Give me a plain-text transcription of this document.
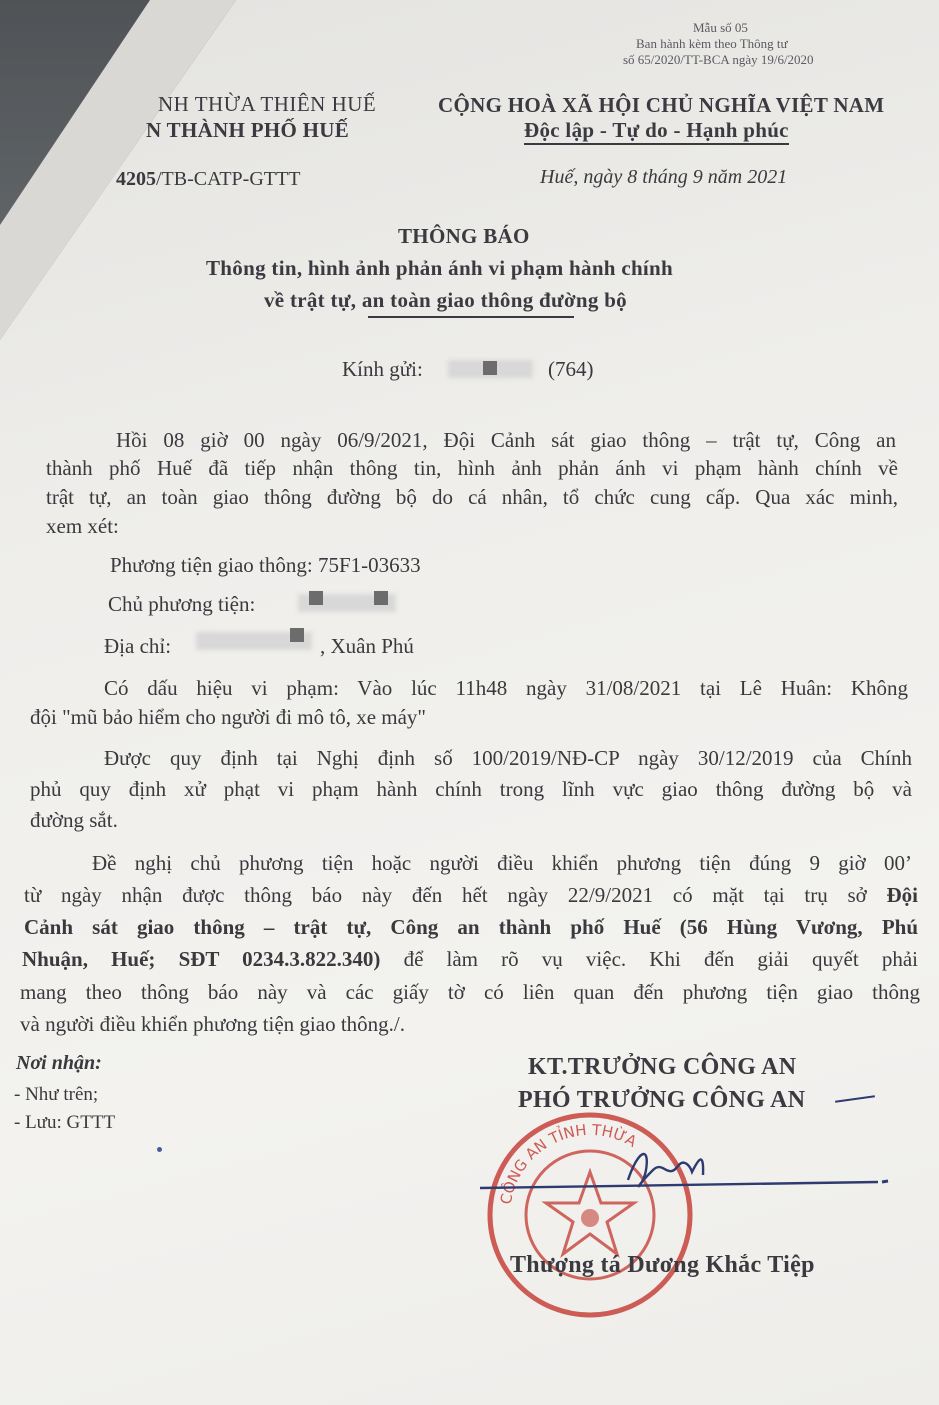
Mẫu số 05
Ban hành kèm theo Thông tư
số 65/2020/TT-BCA ngày 19/6/2020
NH THỪA THIÊN HUẾ
N THÀNH PHỐ HUẾ
4205/TB-CATP-GTTT
CỘNG HOÀ XÃ HỘI CHỦ NGHĨA VIỆT NAM
Độc lập - Tự do - Hạnh phúc
Huế, ngày 8 tháng 9 năm 2021
THÔNG BÁO
Thông tin, hình ảnh phản ánh vi phạm hành chính
về trật tự, an toàn giao thông đường bộ
Kính gửi:	(764)
Hồi 08 giờ 00 ngày 06/9/2021, Đội Cảnh sát giao thông – trật tự, Công an
thành phố Huế đã tiếp nhận thông tin, hình ảnh phản ánh vi phạm hành chính về
trật tự, an toàn giao thông đường bộ do cá nhân, tổ chức cung cấp. Qua xác minh,
xem xét:
Phương tiện giao thông: 75F1-03633
Chủ phương tiện:
Địa chỉ:	, Xuân Phú
Có dấu hiệu vi phạm: Vào lúc 11h48 ngày 31/08/2021 tại Lê Huân: Không
đội "mũ bảo hiểm cho người đi mô tô, xe máy"
Được quy định tại Nghị định số 100/2019/NĐ-CP ngày 30/12/2019 của Chính
phủ quy định xử phạt vi phạm hành chính trong lĩnh vực giao thông đường bộ và
đường sắt.
Đề nghị chủ phương tiện hoặc người điều khiển phương tiện đúng 9 giờ 00’
từ ngày nhận được thông báo này đến hết ngày 22/9/2021 có mặt tại trụ sở Đội
Cảnh sát giao thông – trật tự, Công an thành phố Huế (56 Hùng Vương, Phú
Nhuận, Huế; SĐT 0234.3.822.340) để làm rõ vụ việc. Khi đến giải quyết phải
mang theo thông báo này và các giấy tờ có liên quan đến phương tiện giao thông
và người điều khiển phương tiện giao thông./.
Nơi nhận:
- Như trên;
- Lưu: GTTT
KT.TRƯỞNG CÔNG AN
PHÓ TRƯỞNG CÔNG AN
CÔNG AN TỈNH THỪA
Thượng tá Dương Khắc Tiệp
